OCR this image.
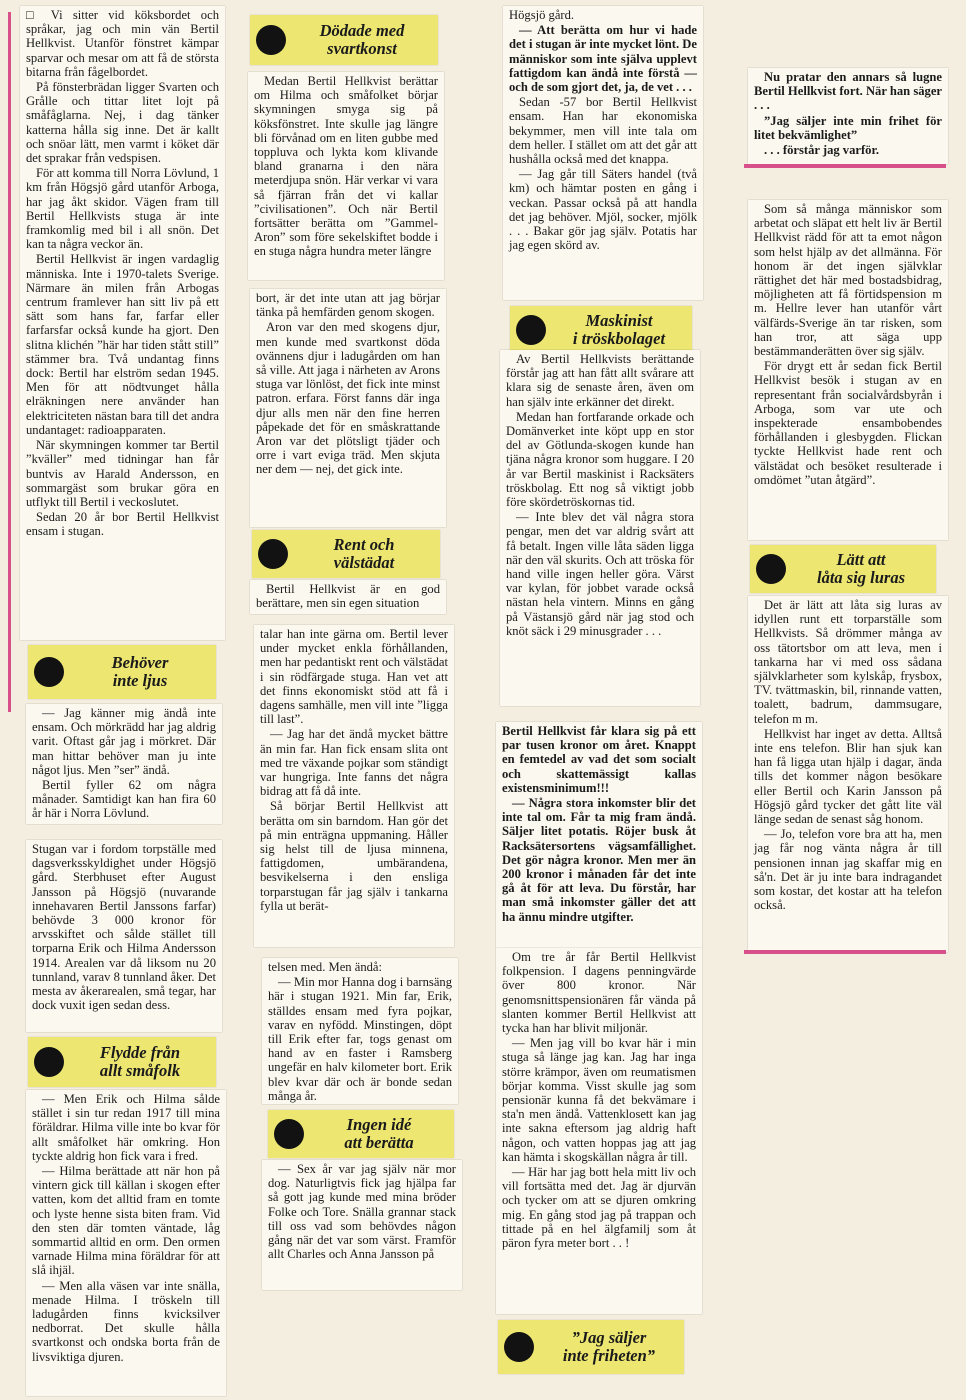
□ Vi sitter vid köksbordet och språkar, jag och min vän Bertil Hellkvist. Utanför fönstret kämpar sparvar och mesar om att få de största bitarna från fågelbordet.

På fönsterbrädan ligger Svarten och Grålle och tittar litet lojt på småfåglarna. Nej, i dag tänker katterna hålla sig inne. Det är kallt och snöar lätt, men varmt i köket där det sprakar från vedspisen.

För att komma till Norra Lövlund, 1 km från Högsjö gård utanför Arboga, har jag åkt skidor. Vägen fram till Bertil Hellkvists stuga är inte framkomlig med bil i all snön. Det kan ta några veckor än.

Bertil Hellkvist är ingen vardaglig människa. Inte i 1970-talets Sverige. Närmare än milen från Arbogas centrum framlever han sitt liv på ett sätt som hans far, farfar eller farfarsfar också kunde ha gjort. Den slitna klichén ”här har tiden stått still” stämmer bra. Två undantag finns dock: Bertil har elström sedan 1945. Men för att nödtvunget hålla elräkningen nere använder han elektriciteten nästan bara till det andra undantaget: radioapparaten.

När skymningen kommer tar Bertil ”kväller” med tidningar han får buntvis av Harald Andersson, en sommargäst som brukar göra en utflykt till Bertil i veckoslutet.

Sedan 20 år bor Bertil Hellkvist ensam i stugan.

Behöver
inte ljus

— Jag känner mig ändå inte ensam. Och mörkrädd har jag aldrig varit. Oftast går jag i mörkret. Där man hittar behöver man ju inte något ljus. Men ”ser” ändå.

Bertil fyller 62 om några månader. Samtidigt kan han fira 60 år här i Norra Lövlund.

Stugan var i fordom torpställe med dagsverksskyldighet under Högsjö gård. Sterbhuset efter August Jansson på Högsjö (nuvarande innehavaren Bertil Janssons farfar) behövde 3 000 kronor för arvsskiftet och sålde stället till torparna Erik och Hilma Andersson 1914. Arealen var då liksom nu 20 tunnland, varav 8 tunnland åker. Det mesta av åkerarealen, små tegar, har dock vuxit igen sedan dess.

Flydde från
allt småfolk

— Men Erik och Hilma sålde stället i sin tur redan 1917 till mina föräldrar. Hilma ville inte bo kvar för allt småfolket här omkring. Hon tyckte aldrig hon fick vara i fred.

— Hilma berättade att när hon på vintern gick till källan i skogen efter vatten, kom det alltid fram en tomte och lyste henne sista biten fram. Vid den sten där tomten väntade, låg sommartid alltid en orm. Den ormen varnade Hilma mina föräldrar för att slå ihjäl.

— Men alla väsen var inte snälla, menade Hilma. I tröskeln till ladugården finns kvicksilver nedborrat. Det skulle hålla svartkonst och ondska borta från de livsviktiga djuren.

Dödade med
svartkonst

Medan Bertil Hellkvist berättar om Hilma och småfolket börjar skymningen smyga sig på köksfönstret. Inte skulle jag längre bli förvånad om en liten gubbe med toppluva och lykta kom klivande bland granarna i den nära meterdjupa snön. Här verkar vi vara så fjärran från det vi kallar ”civilisationen”. Och när Bertil fortsätter berätta om ”Gammel-Aron” som före sekelskiftet bodde i en stuga några hundra meter längre

bort, är det inte utan att jag börjar tänka på hemfärden genom skogen.

Aron var den med skogens djur, men kunde med svartkonst döda ovännens djur i ladugården om han så ville. Att jaga i närheten av Arons stuga var lönlöst, det fick inte minst patron. erfara. Först fanns där inga djur alls men när den fine herren påpekade det för en småskrattande Aron var det plötsligt tjäder och orre i vart eviga träd. Men skjuta ner dem — nej, det gick inte.

Rent och
välstädat

Bertil Hellkvist är en god berättare, men sin egen situation

talar han inte gärna om. Bertil lever under mycket enkla förhållanden, men har pedantiskt rent och välstädat i sin rödfärgade stuga. Han vet att det finns ekonomiskt stöd att få i dagens samhälle, men vill inte ”ligga till last”.

— Jag har det ändå mycket bättre än min far. Han fick ensam slita ont med tre växande pojkar som ständigt var hungriga. Inte fanns det några bidrag att få då inte.

Så börjar Bertil Hellkvist att berätta om sin barndom. Han gör det på min enträgna uppmaning. Håller sig helst till de ljusa minnena, fattigdomen, umbärandena, besvikelserna i den ensliga torparstugan får jag själv i tankarna fylla ut berät-

telsen med. Men ändå:

— Min mor Hanna dog i barnsäng här i stugan 1921. Min far, Erik, ställdes ensam med fyra pojkar, varav en nyfödd. Minstingen, döpt till Erik efter far, togs genast om hand av en faster i Ramsberg ungefär en halv kilometer bort. Erik blev kvar där och är bonde sedan många år.

Ingen idé
att berätta

— Sex år var jag själv när mor dog. Naturligtvis fick jag hjälpa far så gott jag kunde med mina bröder Folke och Tore. Snälla grannar stack till oss vad som behövdes någon gång när det var som värst. Framför allt Charles och Anna Jansson på

Högsjö gård.

— Att berätta om hur vi hade det i stugan är inte mycket lönt. De människor som inte själva upplevt fattigdom kan ändå inte förstå — och de som gjort det, ja, de vet . . .

Sedan -57 bor Bertil Hellkvist ensam. Han har ekonomiska bekymmer, men vill inte tala om dem heller. I stället om att det går att hushålla också med det knappa.

— Jag går till Säters handel (två km) och hämtar posten en gång i veckan. Passar också på att handla det jag behöver. Mjöl, socker, mjölk . . . Bakar gör jag själv. Potatis har jag egen skörd av.

Maskinist
i tröskbolaget

Av Bertil Hellkvists berättande förstår jag att han fått allt svårare att klara sig de senaste åren, även om han själv inte erkänner det direkt.

Medan han fortfarande orkade och Domänverket inte köpt upp en stor del av Götlunda-skogen kunde han tjäna några kronor som huggare. I 20 år var Bertil maskinist i Racksäters tröskbolag. Ett nog så viktigt jobb före skördetröskornas tid.

— Inte blev det väl några stora pengar, men det var aldrig svårt att få betalt. Ingen ville låta säden ligga när den väl skurits. Och att tröska för hand ville ingen heller göra. Värst var kylan, för jobbet varade också nästan hela vintern. Minns en gång på Västansjö gård när jag stod och knöt säck i 29 minusgrader . . .

Bertil Hellkvist får klara sig på ett par tusen kronor om året. Knappt en femtedel av vad det som socialt och skattemässigt kallas existensminimum!!!

— Några stora inkomster blir det inte tal om. Får ta mig fram ändå. Säljer litet potatis. Röjer busk åt Racksätersortens vägsamfällighet. Det gör några kronor. Men mer än 200 kronor i månaden får det inte gå åt för att leva. Du förstår, har man små inkomster gäller det att ha ännu mindre utgifter.

Om tre år får Bertil Hellkvist folkpension. I dagens penningvärde över 800 kronor. När genomsnittspensionären får vända på slanten kommer Bertil Hellkvist att tycka han har blivit miljonär.

— Men jag vill bo kvar här i min stuga så länge jag kan. Jag har inga större krämpor, även om reumatismen börjar komma. Visst skulle jag som pensionär kunna få det bekvämare i sta'n men ändå. Vattenklosett kan jag inte sakna eftersom jag aldrig haft någon, och vatten hoppas jag att jag kan hämta i skogskällan några år till.

— Här har jag bott hela mitt liv och vill fortsätta med det. Jag är djurvän och tycker om att se djuren omkring mig. En gång stod jag på trappan och tittade på en hel älgfamilj som åt päron fyra meter bort . . !

”Jag säljer
inte friheten”

Nu pratar den annars så lugne Bertil Hellkvist fort. När han säger . . .

”Jag säljer inte min frihet för litet bekvämlighet”

. . . förstår jag varför.

Som så många människor som arbetat och släpat ett helt liv är Bertil Hellkvist rädd för att ta emot någon som helst hjälp av det allmänna. För honom är det ingen självklar rättighet det här med bostadsbidrag, möjligheten att få förtidspension m m. Hellre lever han utanför vårt välfärds-Sverige än tar risken, som han tror, att säga upp bestämmanderätten över sig själv.

För drygt ett år sedan fick Bertil Hellkvist besök i stugan av en representant från socialvårdsbyrån i Arboga, som var ute och inspekterade ensambobendes förhållanden i glesbygden. Flickan tyckte Hellkvist hade rent och välstädat och besöket resulterade i omdömet ”utan åtgärd”.

Lätt att
låta sig luras

Det är lätt att låta sig luras av idyllen runt ett torparställe som Hellkvists. Så drömmer många av oss tätortsbor om att leva, men i tankarna har vi med oss sådana självklarheter som kylskåp, frysbox, TV. tvättmaskin, bil, rinnande vatten, toalett, badrum, dammsugare, telefon m m.

Hellkvist har inget av detta. Alltså inte ens telefon. Blir han sjuk kan han få ligga utan hjälp i dagar, ända tills det kommer någon besökare eller Bertil och Karin Jansson på Högsjö gård tycker det gått lite väl länge sedan de senast såg honom.

— Jo, telefon vore bra att ha, men jag får nog vänta några år till pensionen innan jag skaffar mig en så'n. Det är ju inte bara indragandet som kostar, det kostar att ha telefon också.
